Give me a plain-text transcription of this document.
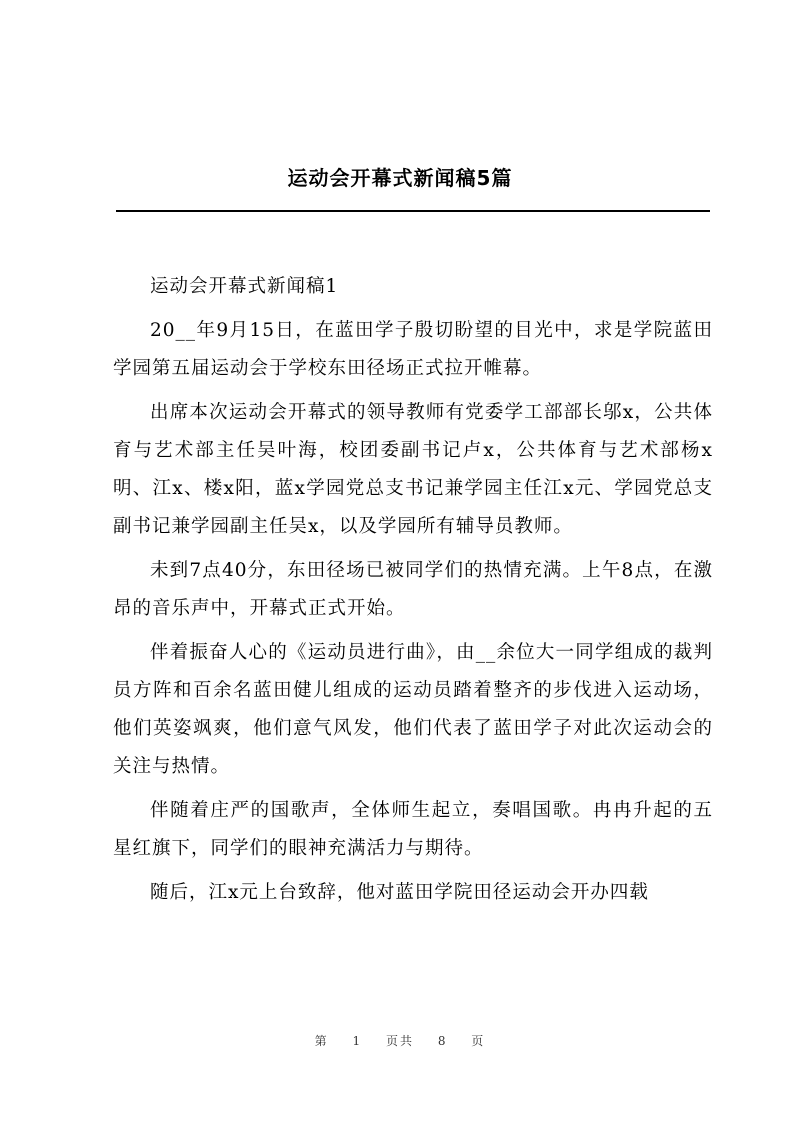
运动会开幕式新闻稿5篇

运动会开幕式新闻稿1

20__年9月15日，在蓝田学子殷切盼望的目光中，求是学院蓝田学园第五届运动会于学校东田径场正式拉开帷幕。

出席本次运动会开幕式的领导教师有党委学工部部长邬x，公共体育与艺术部主任吴叶海，校团委副书记卢x，公共体育与艺术部杨x明、江x、楼x阳，蓝x学园党总支书记兼学园主任江x元、学园党总支副书记兼学园副主任吴x，以及学园所有辅导员教师。

未到7点40分，东田径场已被同学们的热情充满。上午8点，在激昂的音乐声中，开幕式正式开始。

伴着振奋人心的《运动员进行曲》，由__余位大一同学组成的裁判员方阵和百余名蓝田健儿组成的运动员踏着整齐的步伐进入运动场，他们英姿飒爽，他们意气风发，他们代表了蓝田学子对此次运动会的关注与热情。

伴随着庄严的国歌声，全体师生起立，奏唱国歌。冉冉升起的五星红旗下，同学们的眼神充满活力与期待。

随后，江x元上台致辞，他对蓝田学院田径运动会开办四载

第 1 页共 8 页
